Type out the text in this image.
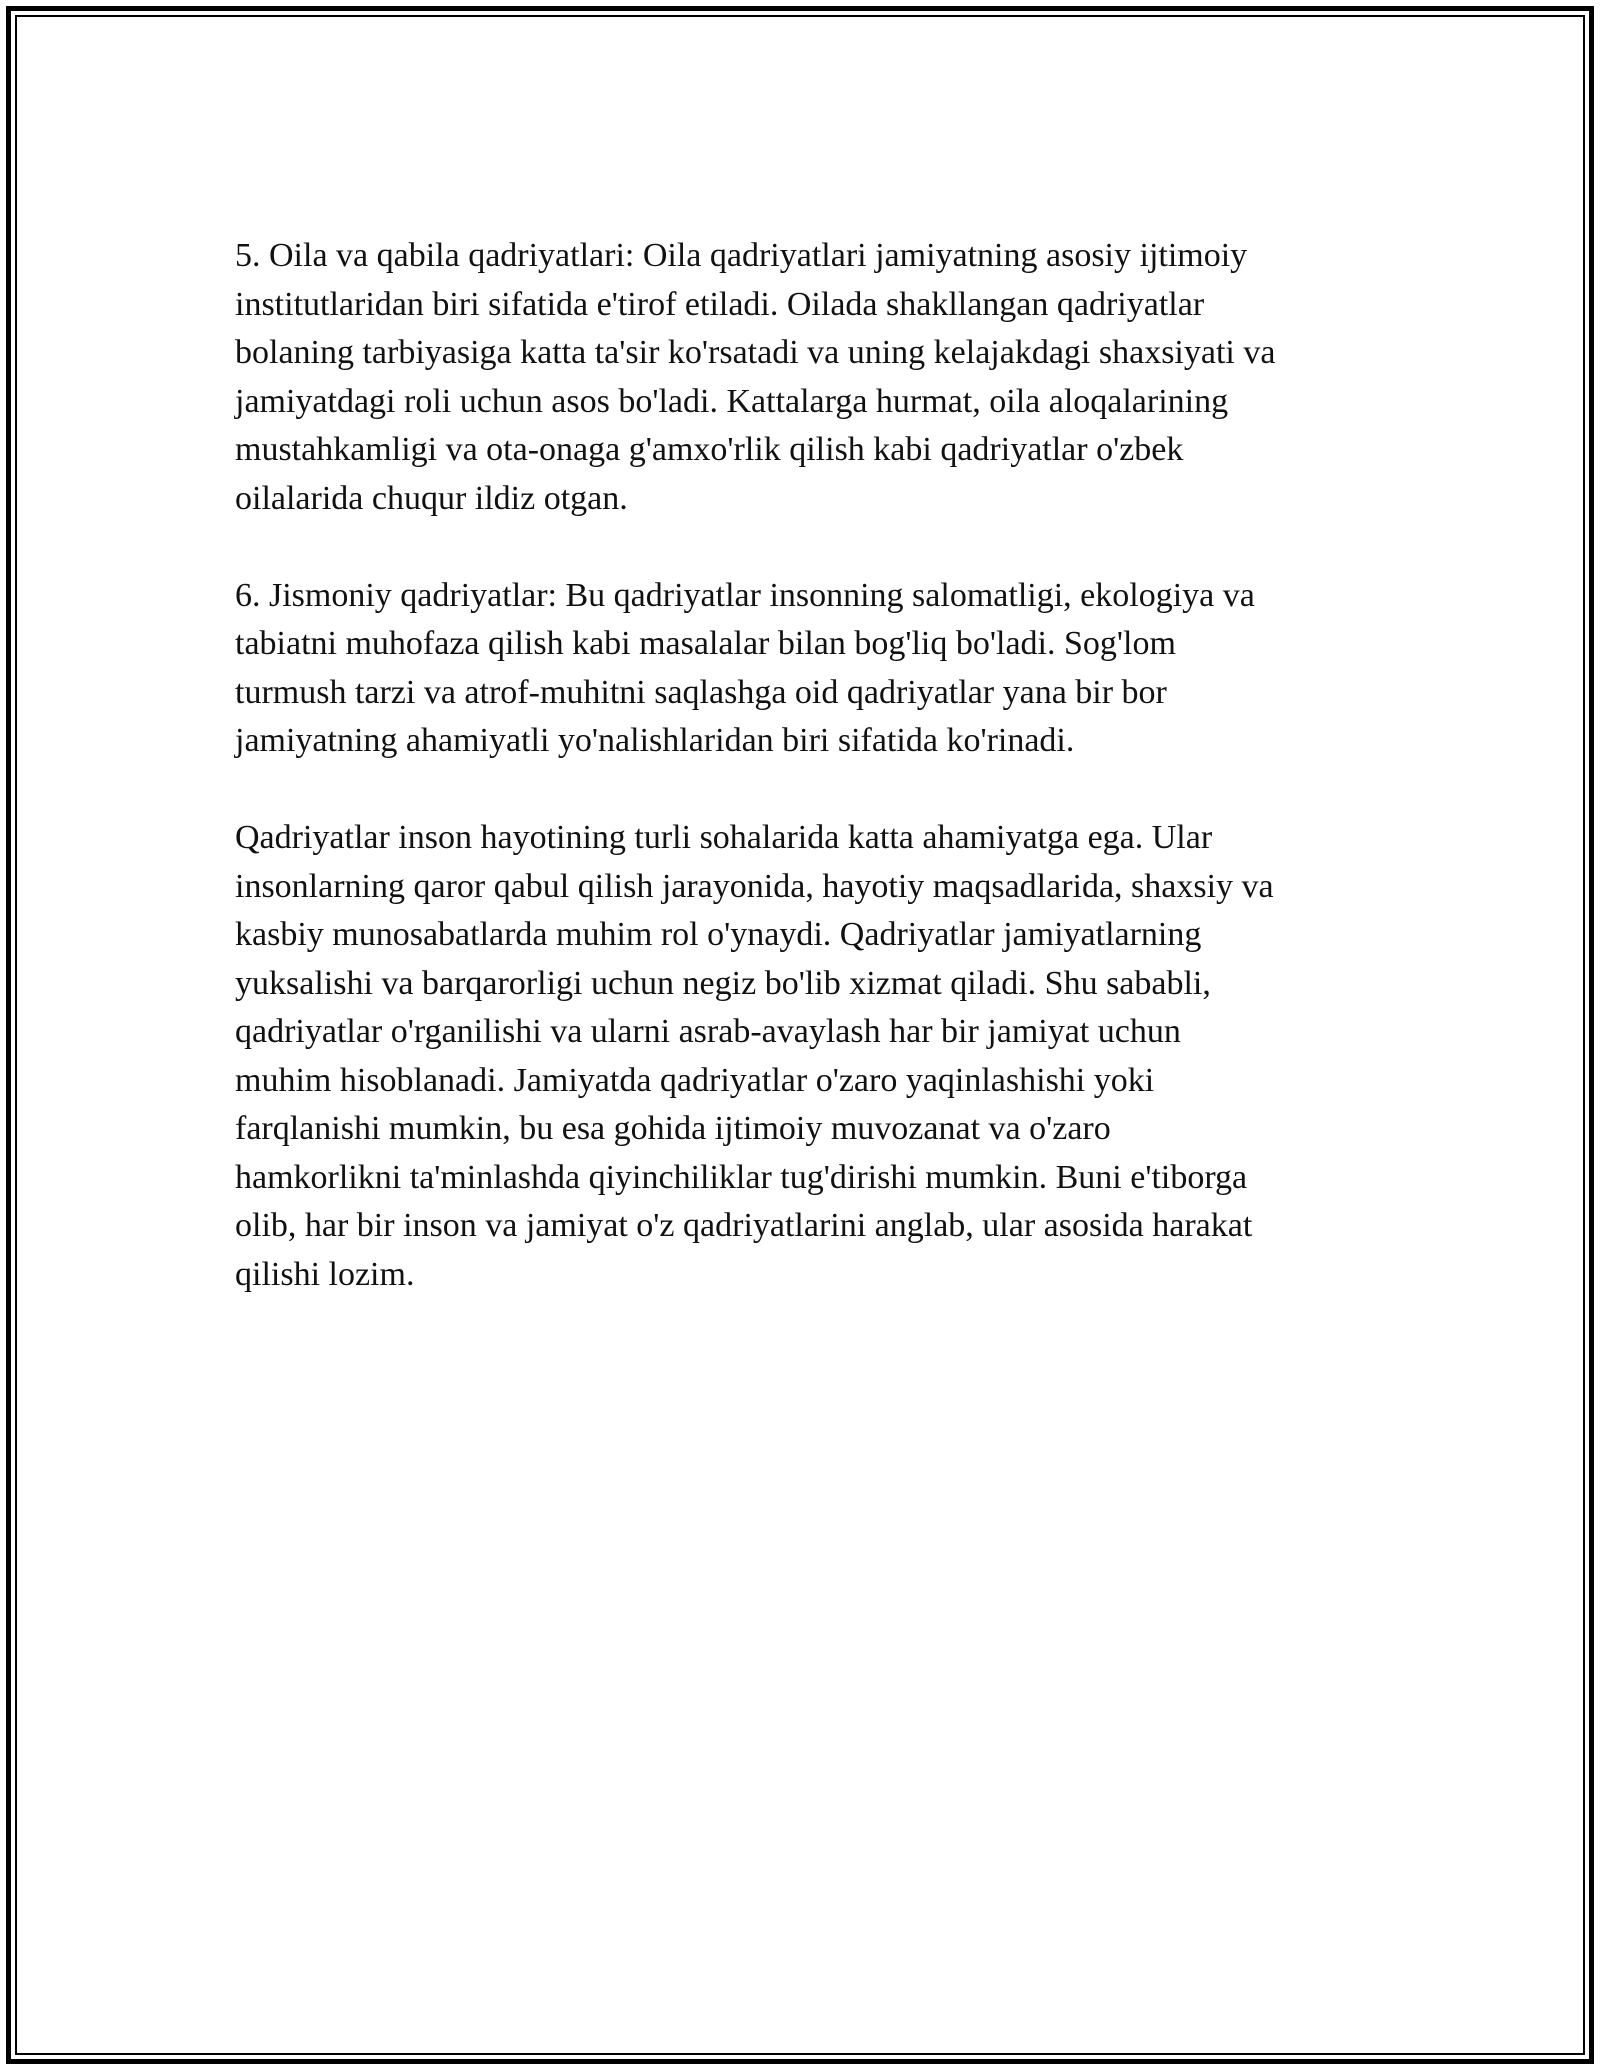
5. Oila va qabila qadriyatlari: Oila qadriyatlari jamiyatning asosiy ijtimoiy
institutlaridan biri sifatida e'tirof etiladi. Oilada shakllangan qadriyatlar
bolaning tarbiyasiga katta ta'sir ko'rsatadi va uning kelajakdagi shaxsiyati va
jamiyatdagi roli uchun asos bo'ladi. Kattalarga hurmat, oila aloqalarining
mustahkamligi va ota-onaga g'amxo'rlik qilish kabi qadriyatlar o'zbek
oilalarida chuqur ildiz otgan.

6. Jismoniy qadriyatlar: Bu qadriyatlar insonning salomatligi, ekologiya va
tabiatni muhofaza qilish kabi masalalar bilan bog'liq bo'ladi. Sog'lom
turmush tarzi va atrof-muhitni saqlashga oid qadriyatlar yana bir bor
jamiyatning ahamiyatli yo'nalishlaridan biri sifatida ko'rinadi.

Qadriyatlar inson hayotining turli sohalarida katta ahamiyatga ega. Ular
insonlarning qaror qabul qilish jarayonida, hayotiy maqsadlarida, shaxsiy va
kasbiy munosabatlarda muhim rol o'ynaydi. Qadriyatlar jamiyatlarning
yuksalishi va barqarorligi uchun negiz bo'lib xizmat qiladi. Shu sababli,
qadriyatlar o'rganilishi va ularni asrab-avaylash har bir jamiyat uchun
muhim hisoblanadi. Jamiyatda qadriyatlar o'zaro yaqinlashishi yoki
farqlanishi mumkin, bu esa gohida ijtimoiy muvozanat va o'zaro
hamkorlikni ta'minlashda qiyinchiliklar tug'dirishi mumkin. Buni e'tiborga
olib, har bir inson va jamiyat o'z qadriyatlarini anglab, ular asosida harakat
qilishi lozim.
